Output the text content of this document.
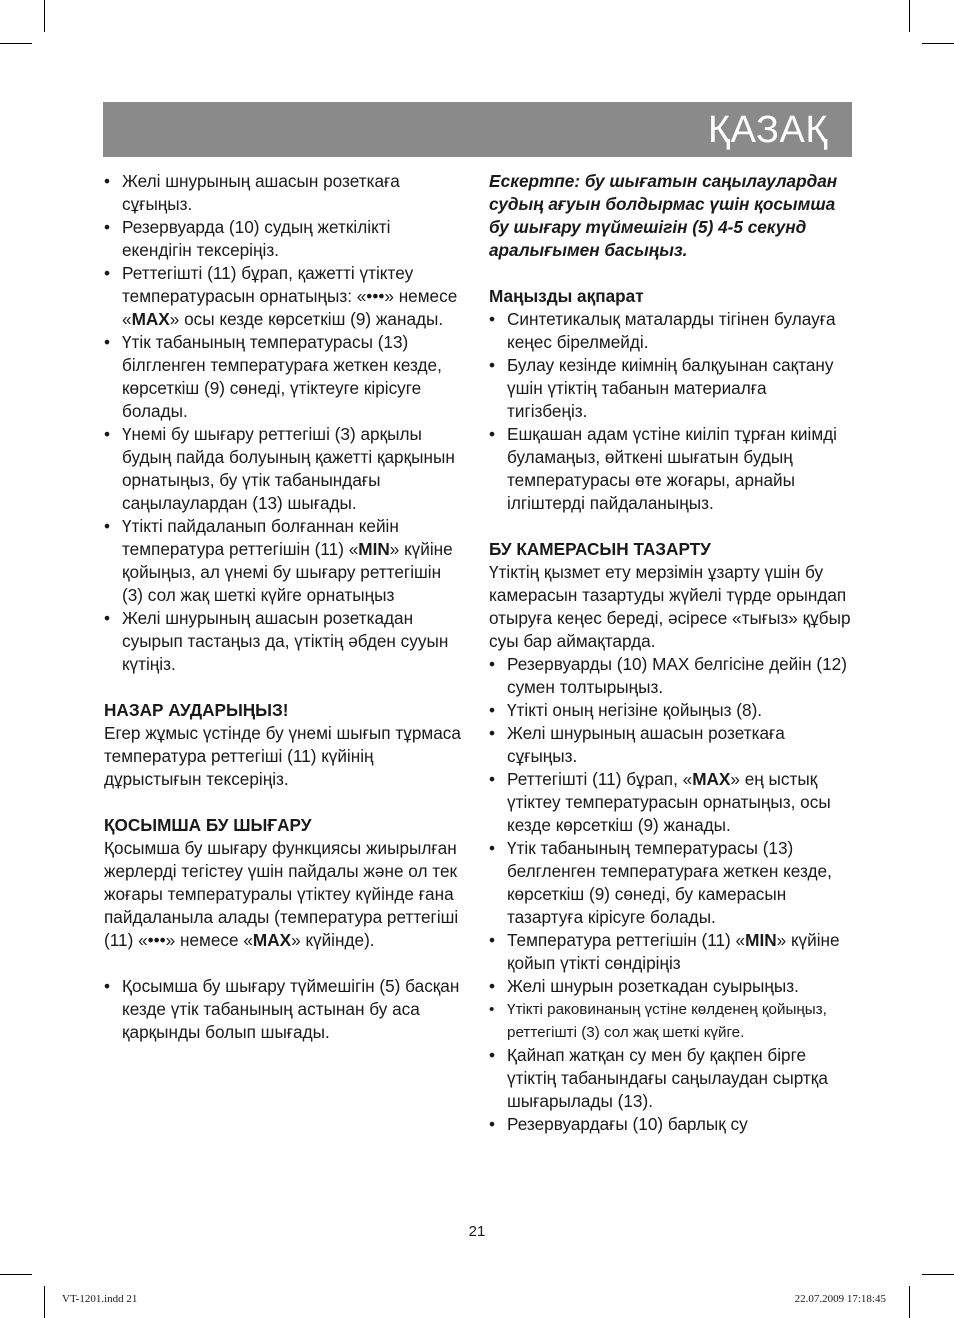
ҚАЗАҚ
• Желі шнурының ашасын розеткаға сұғыңыз.
• Резервуарда (10) судың жеткілікті екендігін тексеріңіз.
• Реттегішті (11) бұрап, қажетті үтіктеу температурасын орнатыңыз: «•••» немесе «MAX» осы кезде көрсеткіш (9) жанады.
• Үтік табанының температурасы (13) білгленген температураға жеткен кезде, көрсеткіш (9) сөнеді, үтіктеуге кірісуге болады.
• Үнемі бу шығару реттегіші (3) арқылы будың пайда болуының қажетті қарқынын орнатыңыз, бу үтік табанындағы саңылаулардан (13) шығады.
• Үтікті пайдаланып болғаннан кейін температура реттегішін (11) «MIN» күйіне қойыңыз, ал үнемі бу шығару реттегішін (3) сол жақ шеткі күйге орнатыңыз
• Желі шнурының ашасын розеткадан суырып тастаңыз да, үтіктің әбден сууын күтіңіз.

НАЗАР АУДАРЫҢЫЗ!

Егер жұмыс үстінде бу үнемі шығып тұрмаса температура реттегіші (11) күйінің дұрыстығын тексеріңіз.

ҚОСЫМША БУ ШЫҒАРУ

Қосымша бу шығару функциясы жиырылған жерлерді тегістеу үшін пайдалы және ол тек жоғары температуралы үтіктеу күйінде ғана пайдаланыла алады (температура реттегіші (11) «•••» немесе «MAX» күйінде).

• Қосымша бу шығару түймешігін (5) басқан кезде үтік табанының астынан бу аса қарқынды болып шығады.

Ескертпе: бу шығатын саңылаулардан судың ағуын болдырмас үшін қосымша бу шығару түймешігін (5) 4-5 секунд аралығымен басыңыз.

Маңызды ақпарат

• Синтетикалық маталарды тігінен булауға кеңес бірелмейді.
• Булау кезінде киімнің балқуынан сақтану үшін үтіктің табанын материалға тигізбеңіз.
• Ешқашан адам үстіне киіліп тұрған киімді буламаңыз, өйткені шығатын будың температурасы өте жоғары, арнайы ілгіштерді пайдаланыңыз.

БУ КАМЕРАСЫН ТАЗАРТУ

Үтіктің қызмет ету мерзімін ұзарту үшін бу камерасын тазартуды жүйелі түрде орындап отыруға кеңес береді, әсіресе «тығыз» құбыр суы бар аймақтарда.

• Резервуарды (10) MAX белгісіне дейін (12) сумен толтырыңыз.
• Үтікті оның негізіне қойыңыз (8).
• Желі шнурының ашасын розеткаға сұғыңыз.
• Реттегішті (11) бұрап, «MAX» ең ыстық үтіктеу температурасын орнатыңыз, осы кезде көрсеткіш (9) жанады.
• Үтік табанының температурасы (13) белгленген температураға жеткен кезде, көрсеткіш (9) сөнеді, бу камерасын тазартуға кірісуге болады.
• Температура реттегішін (11) «MIN» күйіне қойып үтікті сөндіріңіз
• Желі шнурын розеткадан суырыңыз.
• Үтікті раковинаның үстіне көлденең қойыңыз, реттегішті (3) сол жақ шеткі күйге.
• Қайнап жатқан су мен бу қақпен бірге үтіктің табанындағы саңылаудан сыртқа шығарылады (13).
• Резервуардағы (10) барлық су
21
VT-1201.indd 21	22.07.2009 17:18:45
